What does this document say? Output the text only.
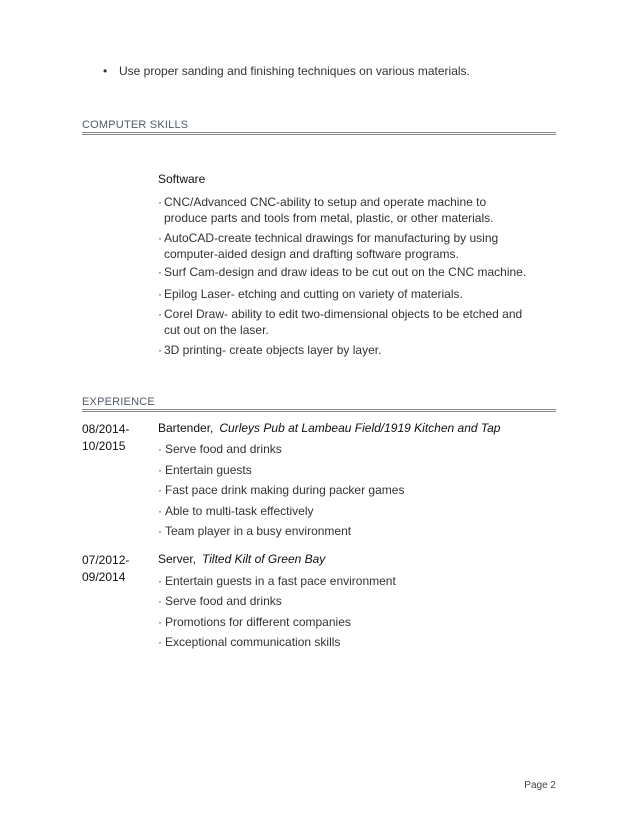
• Use proper sanding and finishing techniques on various materials.
COMPUTER SKILLS
Software
· CNC/Advanced CNC-ability to setup and operate machine to produce parts and tools from metal, plastic, or other materials.
· AutoCAD-create technical drawings for manufacturing by using computer-aided design and drafting software programs.
· Surf Cam-design and draw ideas to be cut out on the CNC machine.
· Epilog Laser- etching and cutting on variety of materials.
· Corel Draw- ability to edit two-dimensional objects to be etched and cut out on the laser.
· 3D printing- create objects layer by layer.
EXPERIENCE
08/2014- 10/2015
Bartender, Curleys Pub at Lambeau Field/1919 Kitchen and Tap
· Serve food and drinks
· Entertain guests
· Fast pace drink making during packer games
· Able to multi-task effectively
· Team player in a busy environment
07/2012- 09/2014
Server, Tilted Kilt of Green Bay
· Entertain guests in a fast pace environment
· Serve food and drinks
· Promotions for different companies
· Exceptional communication skills
Page 2
